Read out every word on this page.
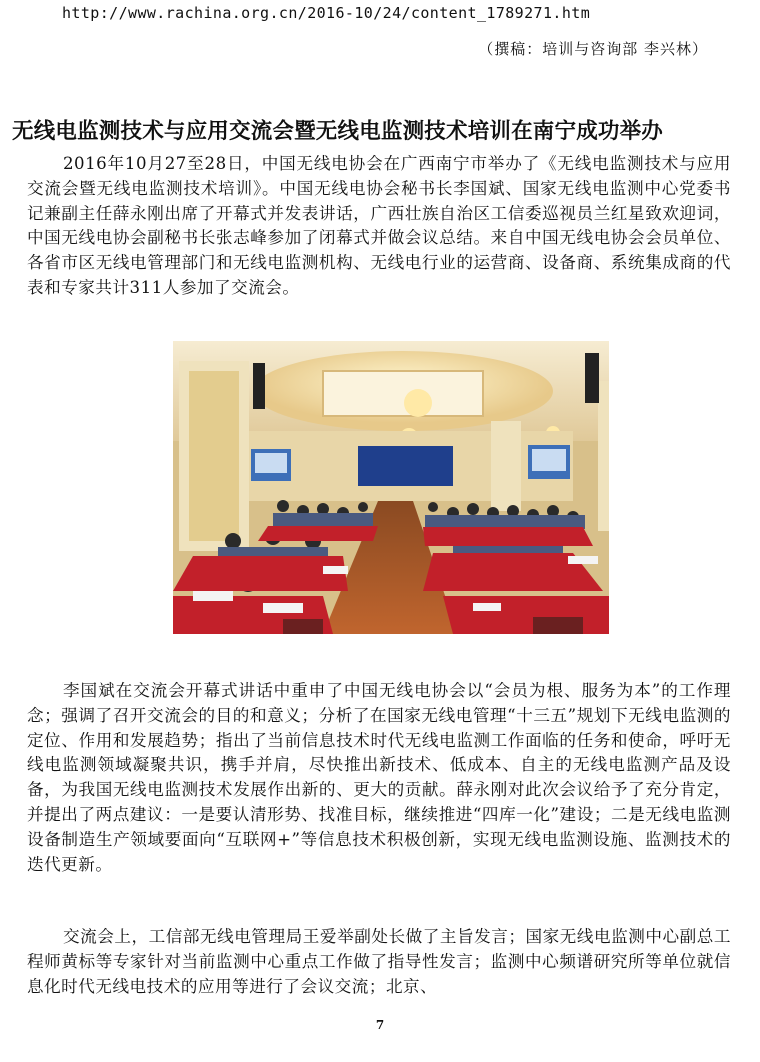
http://www.rachina.org.cn/2016-10/24/content_1789271.htm
（撰稿：培训与咨询部 李兴林）
无线电监测技术与应用交流会暨无线电监测技术培训在南宁成功举办

2016年10月27至28日，中国无线电协会在广西南宁市举办了《无线电监测技术与应用交流会暨无线电监测技术培训》。中国无线电协会秘书长李国斌、国家无线电监测中心党委书记兼副主任薛永刚出席了开幕式并发表讲话，广西壮族自治区工信委巡视员兰红星致欢迎词，中国无线电协会副秘书长张志峰参加了闭幕式并做会议总结。来自中国无线电协会会员单位、各省市区无线电管理部门和无线电监测机构、无线电行业的运营商、设备商、系统集成商的代表和专家共计311人参加了交流会。

李国斌在交流会开幕式讲话中重申了中国无线电协会以“会员为根、服务为本”的工作理念；强调了召开交流会的目的和意义；分析了在国家无线电管理“十三五”规划下无线电监测的定位、作用和发展趋势；指出了当前信息技术时代无线电监测工作面临的任务和使命，呼吁无线电监测领域凝聚共识，携手并肩，尽快推出新技术、低成本、自主的无线电监测产品及设备，为我国无线电监测技术发展作出新的、更大的贡献。薛永刚对此次会议给予了充分肯定，并提出了两点建议：一是要认清形势、找准目标，继续推进“四库一化”建设；二是无线电监测设备制造生产领域要面向“互联网+”等信息技术积极创新，实现无线电监测设施、监测技术的迭代更新。

交流会上，工信部无线电管理局王爱举副处长做了主旨发言；国家无线电监测中心副总工程师黄标等专家针对当前监测中心重点工作做了指导性发言；监测中心频谱研究所等单位就信息化时代无线电技术的应用等进行了会议交流；北京、

7
